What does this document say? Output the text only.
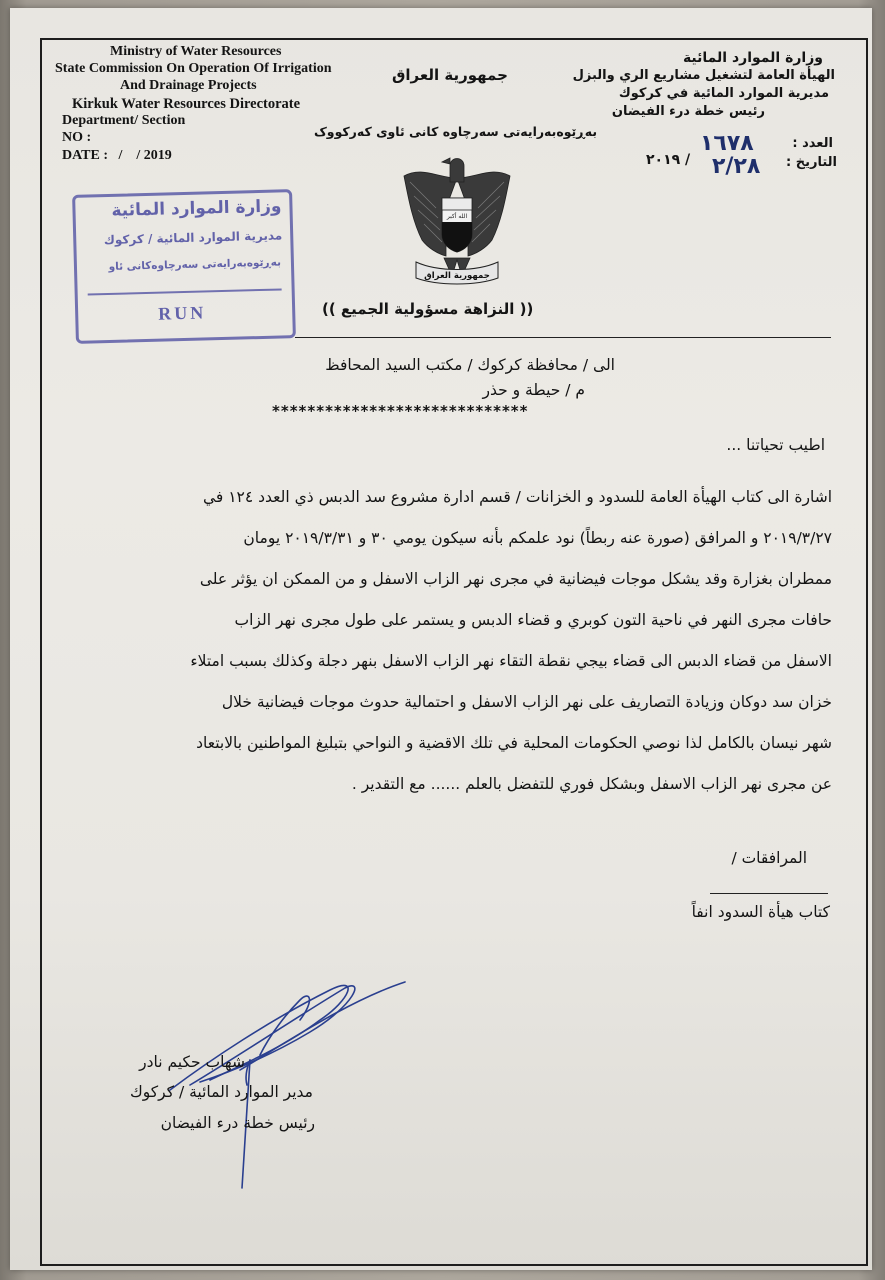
Ministry of Water Resources
State Commission On Operation Of Irrigation
And Drainage Projects
Kirkuk Water Resources Directorate
Department/ Section
NO :
DATE :   /    / 2019
وزارة الموارد المائية
الهيأة العامة لتشغيل مشاريع الري والبزل
مديرية الموارد المائية في كركوك
رئيس خطة درء الفيضان
العدد :
التاريخ :
١٦٧٨
٢/٢٨
٢٠١٩ /
جمهورية العراق
بەڕێوەبەرایەتی سەرچاوە کانی ئاوی کەرکووک
الله أكبر
جمهورية العراق
(( النزاهة مسؤولية الجميع ))
وزارة الموارد المائية
مديرية الموارد المائية / كركوك
بەڕێوەبەرایەتی سەرچاوەکانی ئاو
RUN
الى / محافظة كركوك / مكتب السيد المحافظ
م / حيطة و حذر
*****************************
اطيب تحياتنا ...
اشارة الى كتاب الهيأة العامة للسدود و الخزانات / قسم ادارة مشروع سد الدبس ذي العدد ١٢٤ في
٢٠١٩/٣/٢٧ و المرافق (صورة عنه ربطاً) نود علمكم بأنه سيكون يومي ٣٠ و ٢٠١٩/٣/٣١ يومان
ممطران بغزارة وقد يشكل موجات فيضانية في مجرى نهر الزاب الاسفل و من الممكن ان يؤثر على
حافات مجرى النهر في ناحية التون كوبري و قضاء الدبس و يستمر على طول مجرى نهر الزاب
الاسفل من قضاء الدبس الى قضاء بيجي نقطة التقاء نهر الزاب الاسفل بنهر دجلة وكذلك بسبب امتلاء
خزان سد دوكان وزيادة التصاريف على نهر الزاب الاسفل و احتمالية حدوث موجات فيضانية خلال
شهر نيسان بالكامل لذا نوصي الحكومات المحلية في تلك الاقضية و النواحي بتبليغ المواطنين بالابتعاد
عن مجرى نهر الزاب الاسفل وبشكل فوري للتفضل بالعلم ...... مع التقدير .
المرافقات /
كتاب هيأة السدود انفاً
شهاب حكيم نادر
مدير الموارد المائية / كركوك
رئيس خطة درء الفيضان
